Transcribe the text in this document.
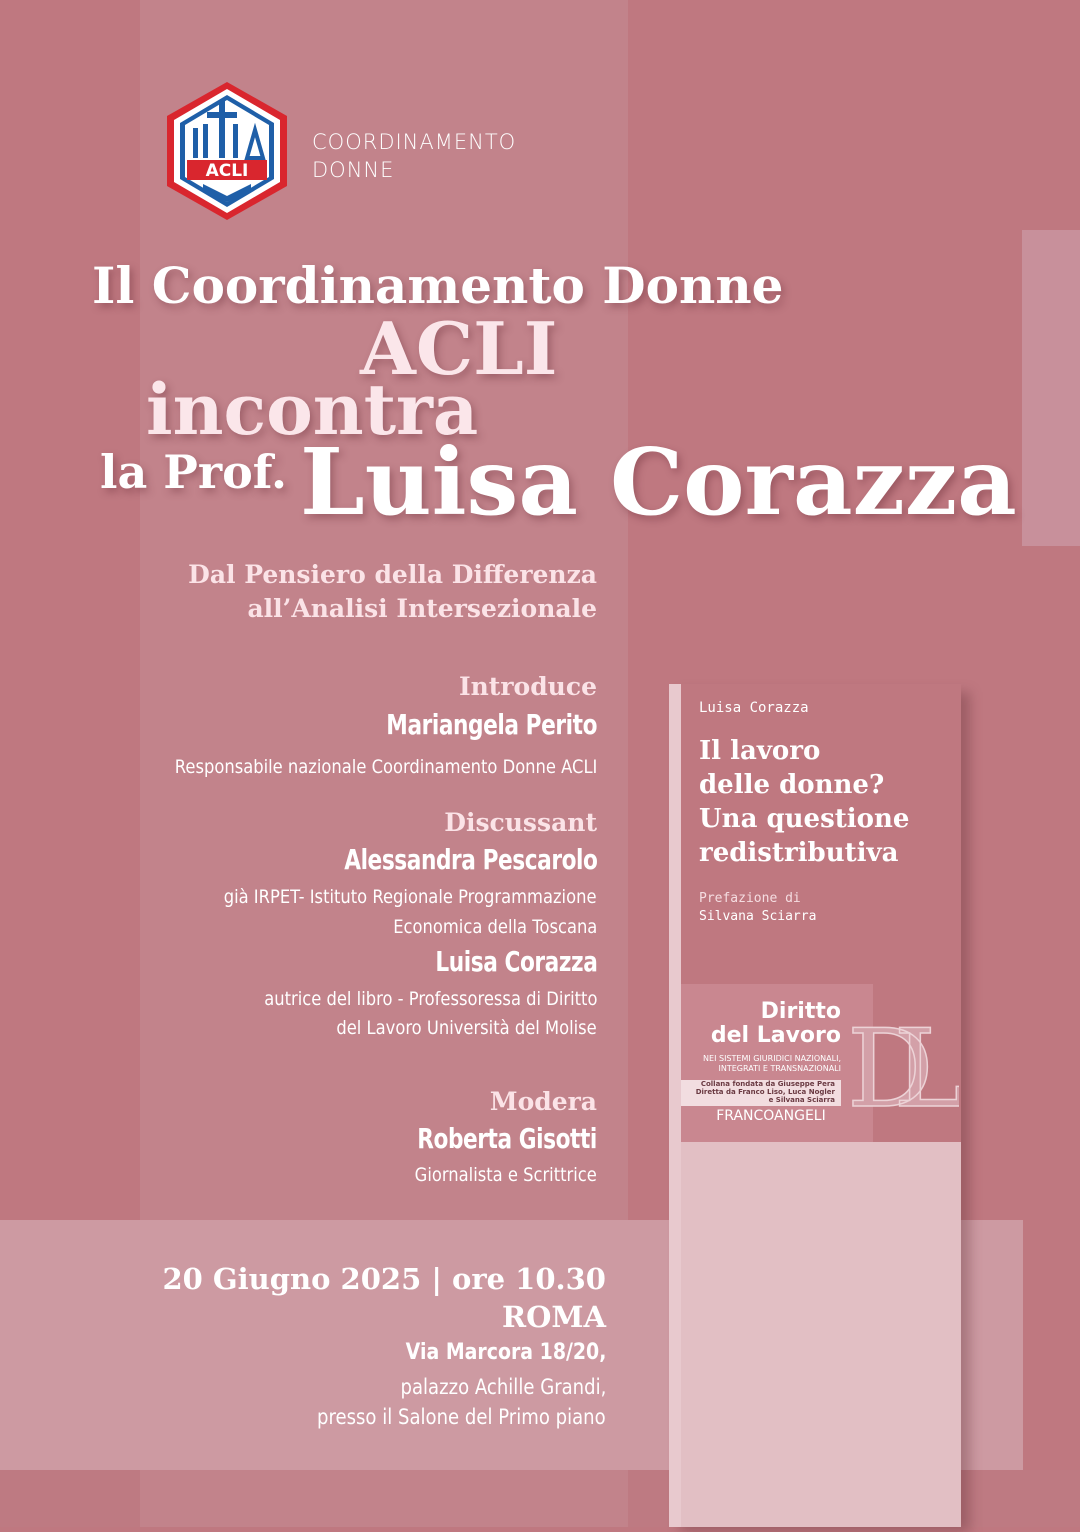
ACLI
COORDINAMENTO
DONNE
Il Coordinamento Donne
ACLI
incontra
la Prof. Luisa Corazza
Dal Pensiero della Differenza
all’Analisi Intersezionale
Introduce
Mariangela Perito
Responsabile nazionale Coordinamento Donne ACLI
Discussant
Alessandra Pescarolo
già IRPET- Istituto Regionale Programmazione
Economica della Toscana
Luisa Corazza
autrice del libro - Professoressa di Diritto
del Lavoro Università del Molise
Modera
Roberta Gisotti
Giornalista e Scrittrice
20 Giugno 2025 | ore 10.30
ROMA
Via Marcora 18/20,
palazzo Achille Grandi,
presso il Salone del Primo piano
Luisa Corazza
Il lavoro
delle donne?
Una questione
redistributiva
Prefazione di
Silvana Sciarra
DL
Diritto
del Lavoro
NEI SISTEMI GIURIDICI NAZIONALI,
INTEGRATI E TRANSNAZIONALI
Collana fondata da Giuseppe Pera
Diretta da Franco Liso, Luca Nogler
e Silvana Sciarra
FRANCOANGELI
